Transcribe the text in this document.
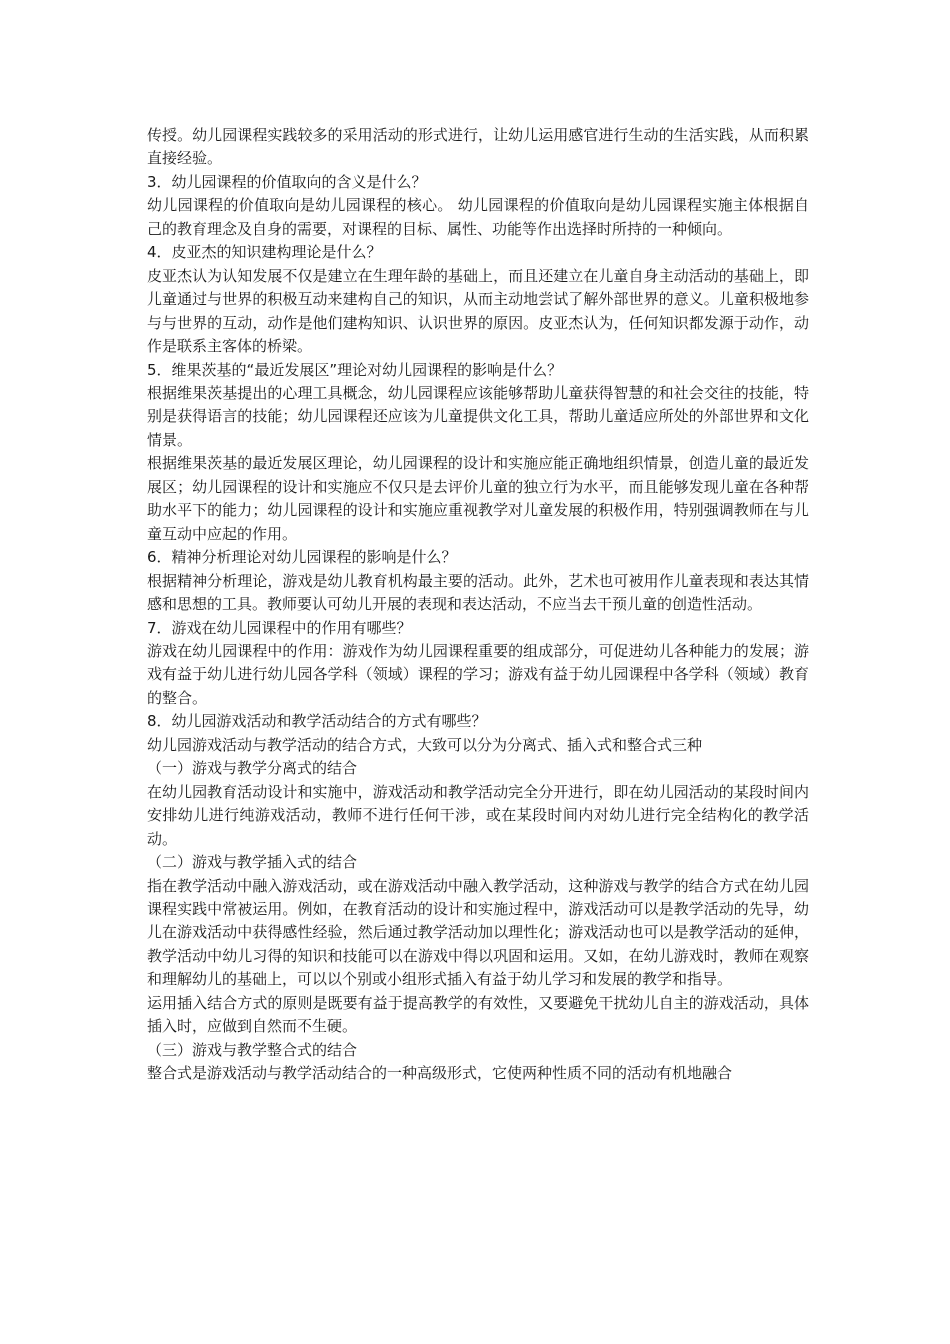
传授。幼儿园课程实践较多的采用活动的形式进行，让幼儿运用感官进行生动的生活实践，从而积累直接经验。

3．幼儿园课程的价值取向的含义是什么？

幼儿园课程的价值取向是幼儿园课程的核心。 幼儿园课程的价值取向是幼儿园课程实施主体根据自己的教育理念及自身的需要，对课程的目标、属性、功能等作出选择时所持的一种倾向。

4．皮亚杰的知识建构理论是什么？

皮亚杰认为认知发展不仅是建立在生理年龄的基础上，而且还建立在儿童自身主动活动的基础上，即儿童通过与世界的积极互动来建构自己的知识，从而主动地尝试了解外部世界的意义。儿童积极地参与与世界的互动，动作是他们建构知识、认识世界的原因。皮亚杰认为，任何知识都发源于动作，动作是联系主客体的桥梁。

5．维果茨基的“最近发展区”理论对幼儿园课程的影响是什么？

根据维果茨基提出的心理工具概念，幼儿园课程应该能够帮助儿童获得智慧的和社会交往的技能，特别是获得语言的技能；幼儿园课程还应该为儿童提供文化工具，帮助儿童适应所处的外部世界和文化情景。

根据维果茨基的最近发展区理论，幼儿园课程的设计和实施应能正确地组织情景，创造儿童的最近发展区；幼儿园课程的设计和实施应不仅只是去评价儿童的独立行为水平，而且能够发现儿童在各种帮助水平下的能力；幼儿园课程的设计和实施应重视教学对儿童发展的积极作用，特别强调教师在与儿童互动中应起的作用。

6．精神分析理论对幼儿园课程的影响是什么？

根据精神分析理论，游戏是幼儿教育机构最主要的活动。此外，艺术也可被用作儿童表现和表达其情感和思想的工具。教师要认可幼儿开展的表现和表达活动，不应当去干预儿童的创造性活动。

7．游戏在幼儿园课程中的作用有哪些？

游戏在幼儿园课程中的作用：游戏作为幼儿园课程重要的组成部分，可促进幼儿各种能力的发展；游戏有益于幼儿进行幼儿园各学科（领域）课程的学习；游戏有益于幼儿园课程中各学科（领域）教育的整合。

8．幼儿园游戏活动和教学活动结合的方式有哪些？

幼儿园游戏活动与教学活动的结合方式，大致可以分为分离式、插入式和整合式三种

（一）游戏与教学分离式的结合

在幼儿园教育活动设计和实施中，游戏活动和教学活动完全分开进行，即在幼儿园活动的某段时间内安排幼儿进行纯游戏活动，教师不进行任何干涉，或在某段时间内对幼儿进行完全结构化的教学活动。

（二）游戏与教学插入式的结合

指在教学活动中融入游戏活动，或在游戏活动中融入教学活动，这种游戏与教学的结合方式在幼儿园课程实践中常被运用。例如，在教育活动的设计和实施过程中，游戏活动可以是教学活动的先导，幼儿在游戏活动中获得感性经验，然后通过教学活动加以理性化；游戏活动也可以是教学活动的延伸，教学活动中幼儿习得的知识和技能可以在游戏中得以巩固和运用。又如，在幼儿游戏时，教师在观察和理解幼儿的基础上，可以以个别或小组形式插入有益于幼儿学习和发展的教学和指导。

运用插入结合方式的原则是既要有益于提高教学的有效性，又要避免干扰幼儿自主的游戏活动，具体插入时，应做到自然而不生硬。

（三）游戏与教学整合式的结合

整合式是游戏活动与教学活动结合的一种高级形式，它使两种性质不同的活动有机地融合
